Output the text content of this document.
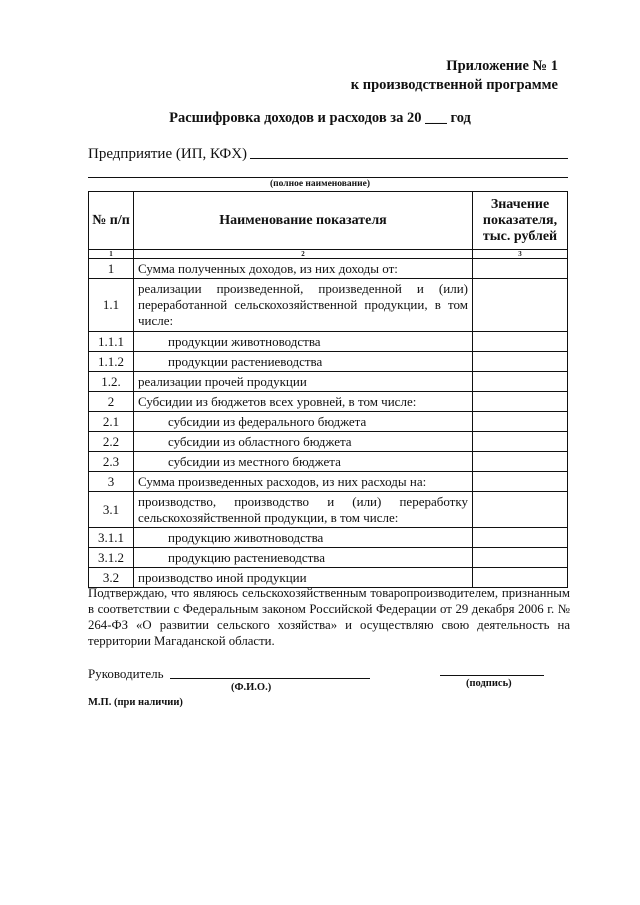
Приложение № 1
к производственной программе
Расшифровка доходов и расходов за 20 ___ год
Предприятие (ИП, КФХ)
(полное наименование)
№ п/п	Наименование показателя	Значение показателя, тыс. рублей
1	2	3
1	Сумма полученных доходов, из них доходы от:	
1.1	реализации произведенной, произведенной и (или) переработанной сельскохозяйственной продукции, в том числе:	
1.1.1	продукции животноводства	
1.1.2	продукции растениеводства	
1.2.	реализации прочей продукции	
2	Субсидии из бюджетов всех уровней, в том числе:	
2.1	субсидии из федерального бюджета	
2.2	субсидии из областного бюджета	
2.3	субсидии из местного бюджета	
3	Сумма произведенных расходов, из них расходы на:	
3.1	производство, производство и (или) переработку сельскохозяйственной продукции, в том числе:	
3.1.1	продукцию животноводства	
3.1.2	продукцию растениеводства	
3.2	производство иной продукции	
Подтверждаю, что являюсь сельскохозяйственным товаропроизводителем, признанным в соответствии с Федеральным законом Российской Федерации от 29 декабря 2006 г. № 264-ФЗ «О развитии сельского хозяйства» и осуществляю свою деятельность на территории Магаданской области.
Руководитель
(Ф.И.О.)	(подпись)
М.П. (при наличии)
